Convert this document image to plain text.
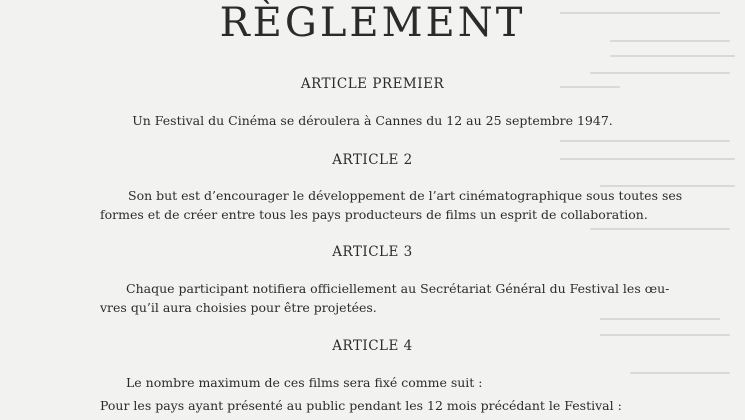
RÈGLEMENT
ARTICLE PREMIER
Un Festival du Cinéma se déroulera à Cannes du 12 au 25 septembre 1947.
ARTICLE 2
Son but est d’encourager le développement de l’art cinématographique sous toutes ses
formes et de créer entre tous les pays producteurs de films un esprit de collaboration.
ARTICLE 3
Chaque participant notifiera officiellement au Secrétariat Général du Festival les œu-
vres qu’il aura choisies pour être projetées.
ARTICLE 4
Le nombre maximum de ces films sera fixé comme suit :
Pour les pays ayant présenté au public pendant les 12 mois précédant le Festival :
